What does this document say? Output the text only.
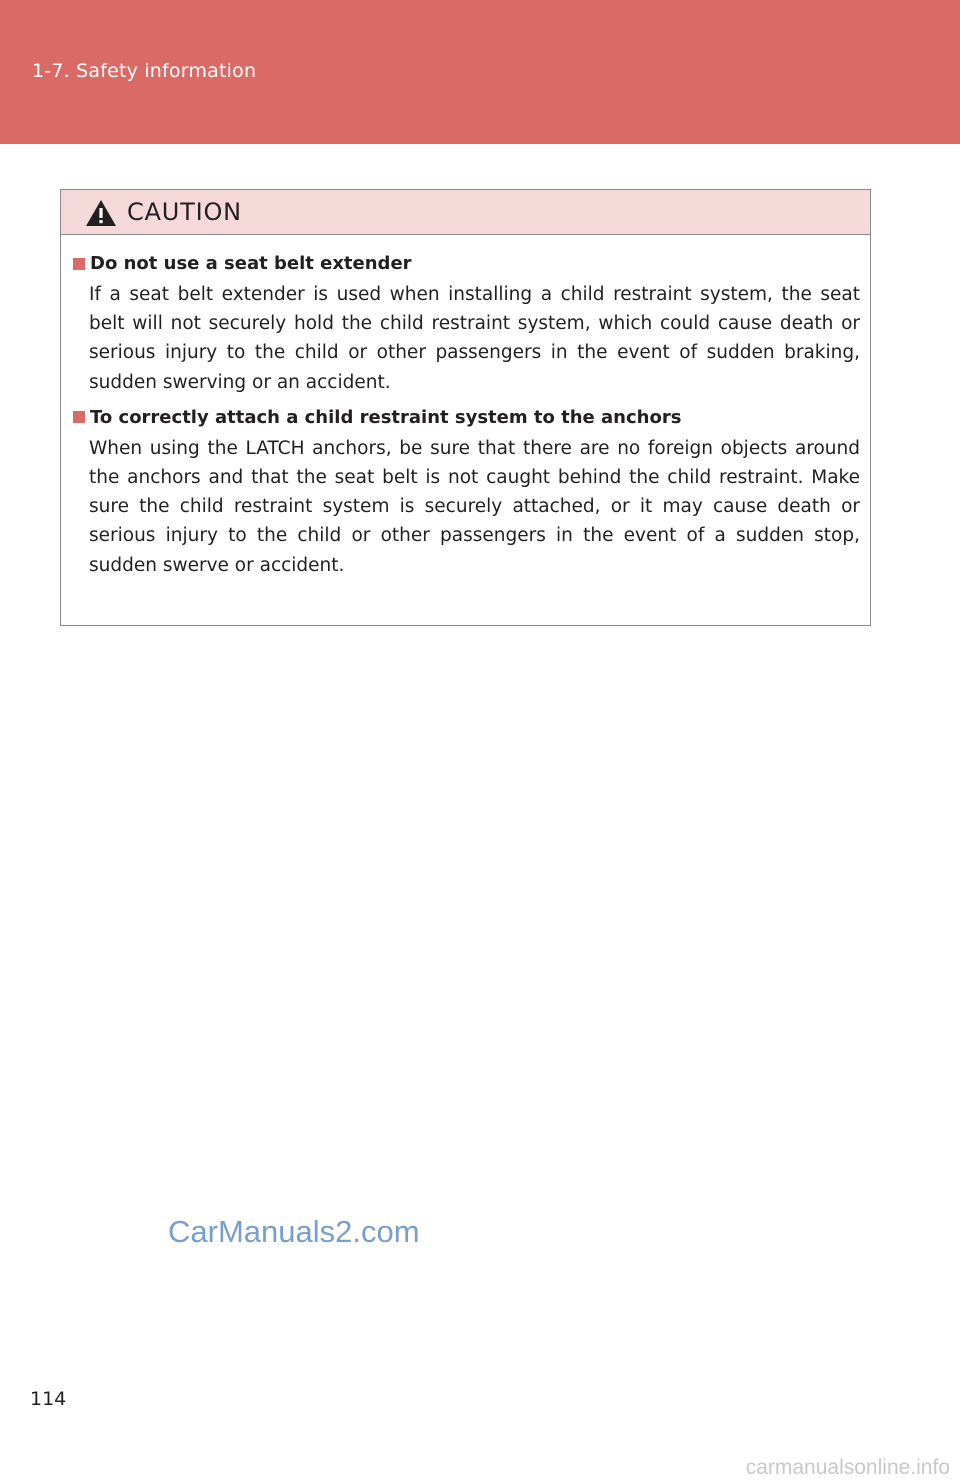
1-7. Safety information
CAUTION
Do not use a seat belt extender

If a seat belt extender is used when installing a child restraint system, the seat belt will not securely hold the child restraint system, which could cause death or serious injury to the child or other passengers in the event of sudden braking, sudden swerving or an accident.

To correctly attach a child restraint system to the anchors

When using the LATCH anchors, be sure that there are no foreign objects around the anchors and that the seat belt is not caught behind the child restraint. Make sure the child restraint system is securely attached, or it may cause death or serious injury to the child or other passengers in the event of a sudden stop, sudden swerve or accident.

CarManuals2.com
114
carmanualsonline.info
